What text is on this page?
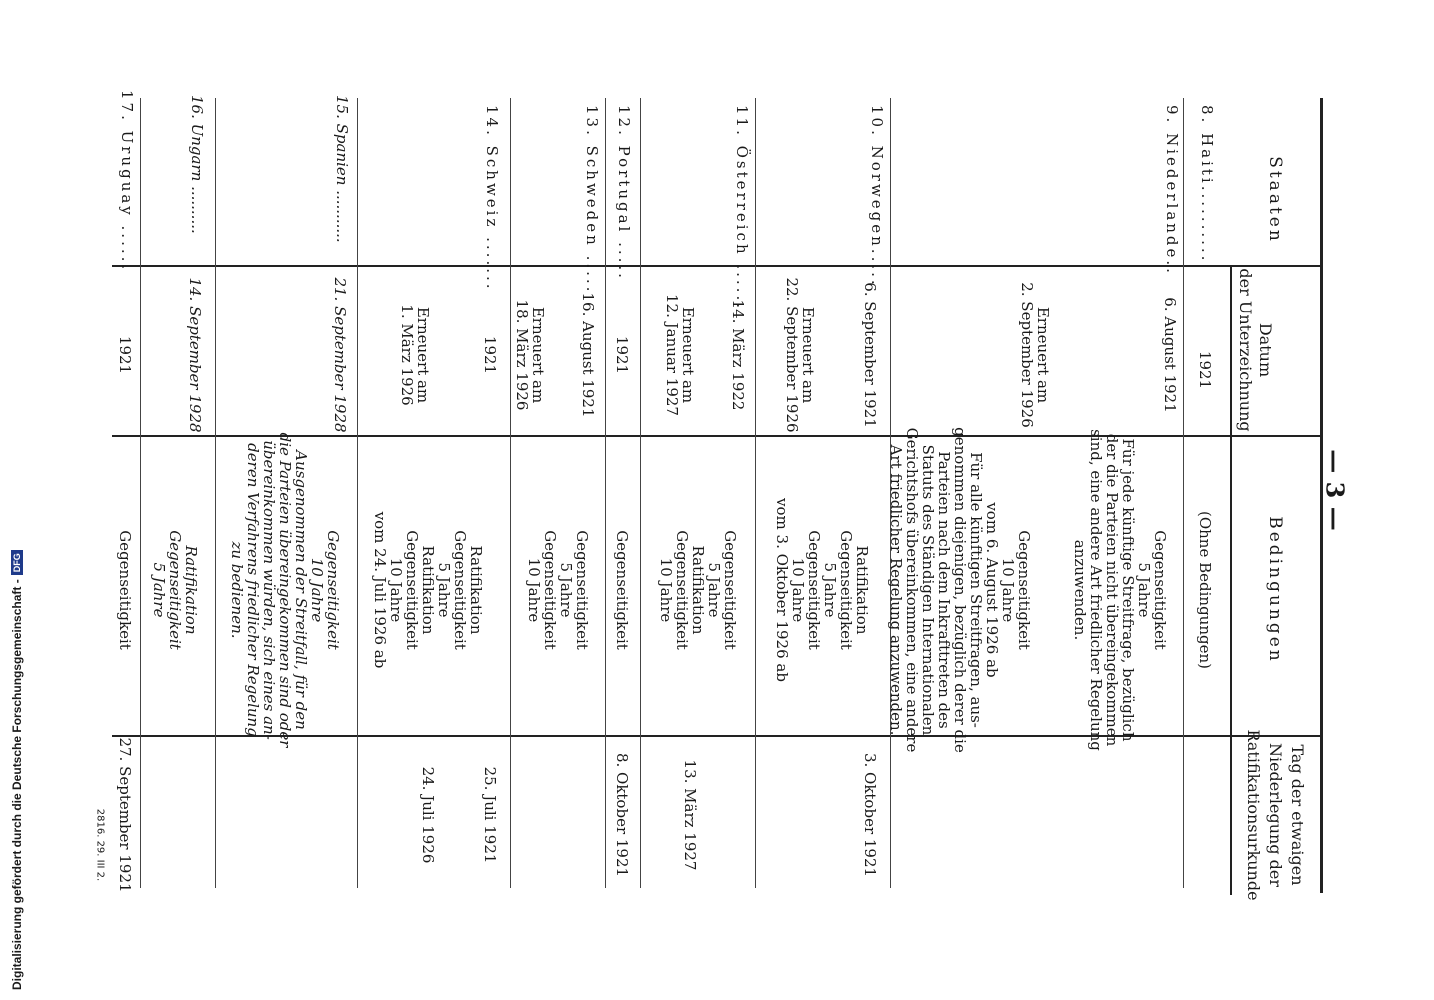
— 3 —
Staaten
Datum
der Unterzeichnung
Bedingungen
Tag der etwaigen
Niederlegung der
Ratifikationsurkunde
8. Haiti..........
1921
(Ohne Bedingungen)
9. Niederlande..
6. August 1921
Erneuert am
2. September 1926
Gegenseitigkeit
5 Jahre
Für jede künftige Streitfrage, bezüglich
der die Parteien nicht übereingekommen
sind, eine andere Art friedlicher Regelung
anzuwenden.
Gegenseitigkeit
10 Jahre
vom 6. August 1926 ab
Für alle künftigen Streitfragen, aus-
genommen diejenigen, bezüglich derer die
Parteien nach dem Inkrafttreten des
Statuts des Ständigen Internationalen
Gerichtshofs übereinkommen, eine andere
Art friedlicher Regelung anzuwenden.
10. Norwegen.....
6. September 1921
Erneuert am
22. September 1926
Ratifikation
Gegenseitigkeit
5 Jahre
Gegenseitigkeit
10 Jahre
vom 3. Oktober 1926 ab
3. Oktober 1921
11. Österreich ......
14. März 1922
Erneuert am
12. Januar 1927
Gegenseitigkeit
5 Jahre
Ratifikation
Gegenseitigkeit
10 Jahre
13. März 1927
12. Portugal .....
1921
Gegenseitigkeit
8. Oktober 1921
13. Schweden .....
16. August 1921
Erneuert am
18. März 1926
Gegenseitigkeit
5 Jahre
Gegenseitigkeit
10 Jahre
14. Schweiz .......
1921
Erneuert am
1. März 1926
Ratifikation
Gegenseitigkeit
5 Jahre
Ratifikation
Gegenseitigkeit
10 Jahre
vom 24. Juli 1926 ab
25. Juli 1921
24. Juli 1926
15. Spanien ...........
21. September 1928
Gegenseitigkeit
10 Jahre
Ausgenommen der Streitfall, für den
die Parteien übereingekommen sind oder
übereinkommen würden, sich eines an-
deren Verfahrens friedlicher Regelung
zu bedienen.
16. Ungarn ..........
14. September 1928
Ratifikation
Gegenseitigkeit
5 Jahre
17. Uruguay ......
1921
Gegenseitigkeit
27. September 1921
2816. 29. III 2.
Digitalisierung gefördert durch die Deutsche Forschungsgemeinschaft -
DFG
